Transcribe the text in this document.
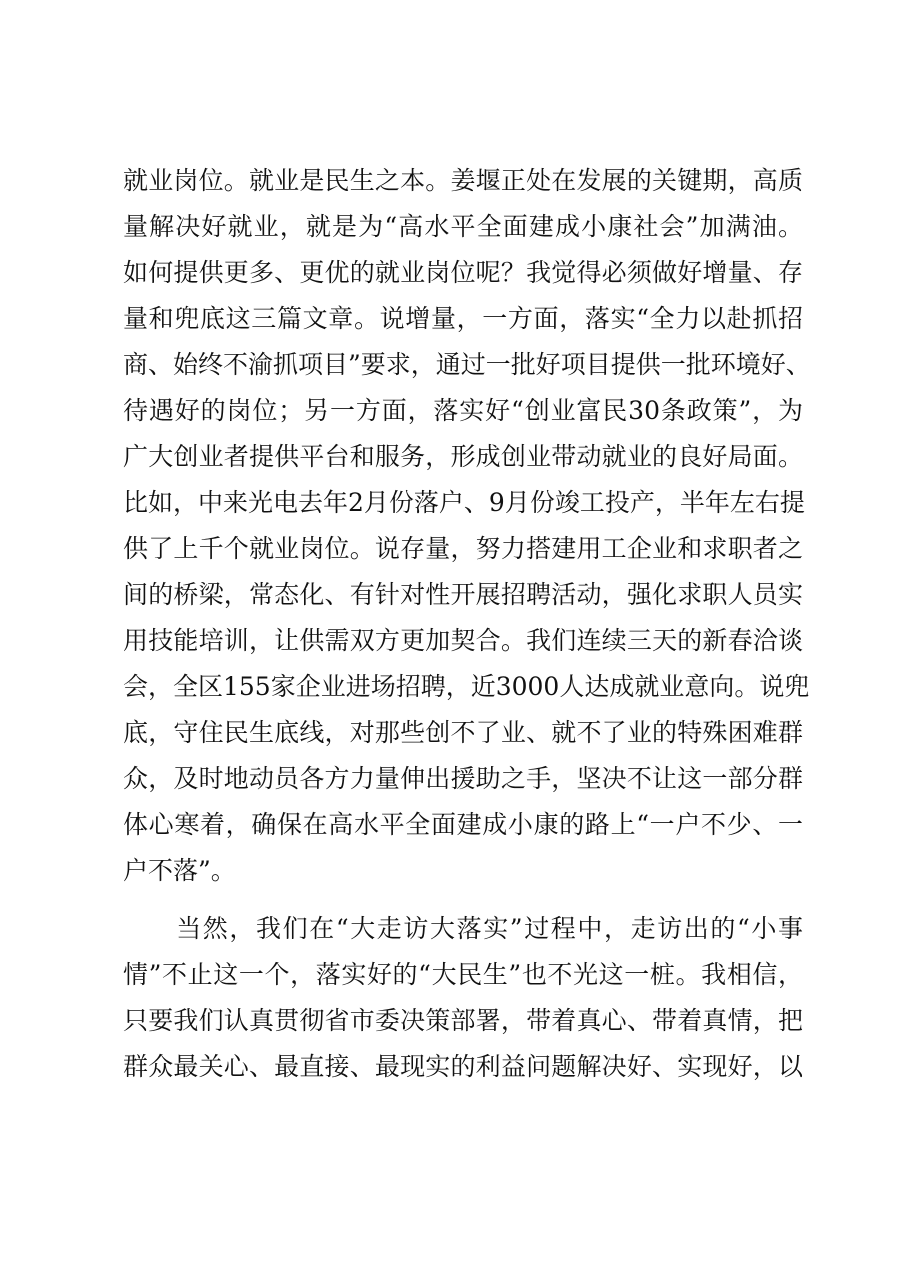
就业岗位。就业是民生之本。姜堰正处在发展的关键期，高质
量解决好就业，就是为“高水平全面建成小康社会”加满油。
如何提供更多、更优的就业岗位呢？我觉得必须做好增量、存
量和兜底这三篇文章。说增量，一方面，落实“全力以赴抓招
商、始终不渝抓项目”要求，通过一批好项目提供一批环境好、
待遇好的岗位；另一方面，落实好“创业富民30条政策”，为
广大创业者提供平台和服务，形成创业带动就业的良好局面。
比如，中来光电去年2月份落户、9月份竣工投产，半年左右提
供了上千个就业岗位。说存量，努力搭建用工企业和求职者之
间的桥梁，常态化、有针对性开展招聘活动，强化求职人员实
用技能培训，让供需双方更加契合。我们连续三天的新春洽谈
会，全区155家企业进场招聘，近3000人达成就业意向。说兜
底，守住民生底线，对那些创不了业、就不了业的特殊困难群
众，及时地动员各方力量伸出援助之手，坚决不让这一部分群
体心寒着，确保在高水平全面建成小康的路上“一户不少、一
户不落”。
　　当然，我们在“大走访大落实”过程中，走访出的“小事
情”不止这一个，落实好的“大民生”也不光这一桩。我相信，
只要我们认真贯彻省市委决策部署，带着真心、带着真情，把
群众最关心、最直接、最现实的利益问题解决好、实现好，以
